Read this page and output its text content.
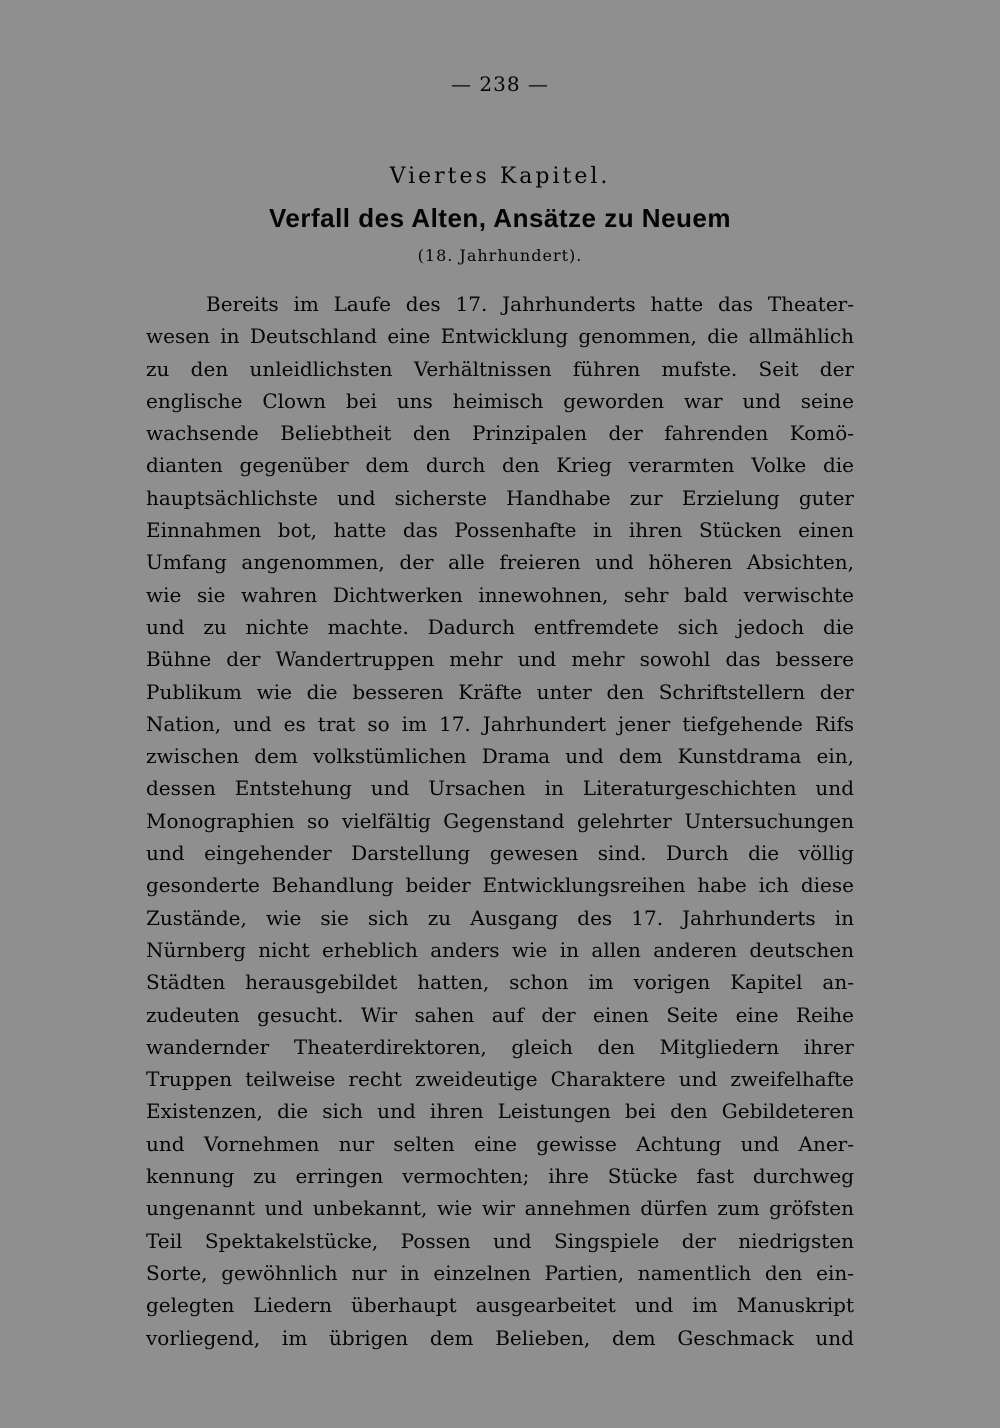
— 238 —
Viertes Kapitel.
Verfall des Alten, Ansätze zu Neuem
(18. Jahrhundert).
Bereits im Laufe des 17. Jahrhunderts hatte das Theater-
wesen in Deutschland eine Entwicklung genommen, die allmählich
zu den unleidlichsten Verhältnissen führen mufste. Seit der
englische Clown bei uns heimisch geworden war und seine
wachsende Beliebtheit den Prinzipalen der fahrenden Komö-
dianten gegenüber dem durch den Krieg verarmten Volke die
hauptsächlichste und sicherste Handhabe zur Erzielung guter
Einnahmen bot, hatte das Possenhafte in ihren Stücken einen
Umfang angenommen, der alle freieren und höheren Absichten,
wie sie wahren Dichtwerken innewohnen, sehr bald verwischte
und zu nichte machte. Dadurch entfremdete sich jedoch die
Bühne der Wandertruppen mehr und mehr sowohl das bessere
Publikum wie die besseren Kräfte unter den Schriftstellern der
Nation, und es trat so im 17. Jahrhundert jener tiefgehende Rifs
zwischen dem volkstümlichen Drama und dem Kunstdrama ein,
dessen Entstehung und Ursachen in Literaturgeschichten und
Monographien so vielfältig Gegenstand gelehrter Untersuchungen
und eingehender Darstellung gewesen sind. Durch die völlig
gesonderte Behandlung beider Entwicklungsreihen habe ich diese
Zustände, wie sie sich zu Ausgang des 17. Jahrhunderts in
Nürnberg nicht erheblich anders wie in allen anderen deutschen
Städten herausgebildet hatten, schon im vorigen Kapitel an-
zudeuten gesucht. Wir sahen auf der einen Seite eine Reihe
wandernder Theaterdirektoren, gleich den Mitgliedern ihrer
Truppen teilweise recht zweideutige Charaktere und zweifelhafte
Existenzen, die sich und ihren Leistungen bei den Gebildeteren
und Vornehmen nur selten eine gewisse Achtung und Aner-
kennung zu erringen vermochten; ihre Stücke fast durchweg
ungenannt und unbekannt, wie wir annehmen dürfen zum gröfsten
Teil Spektakelstücke, Possen und Singspiele der niedrigsten
Sorte, gewöhnlich nur in einzelnen Partien, namentlich den ein-
gelegten Liedern überhaupt ausgearbeitet und im Manuskript
vorliegend, im übrigen dem Belieben, dem Geschmack und
